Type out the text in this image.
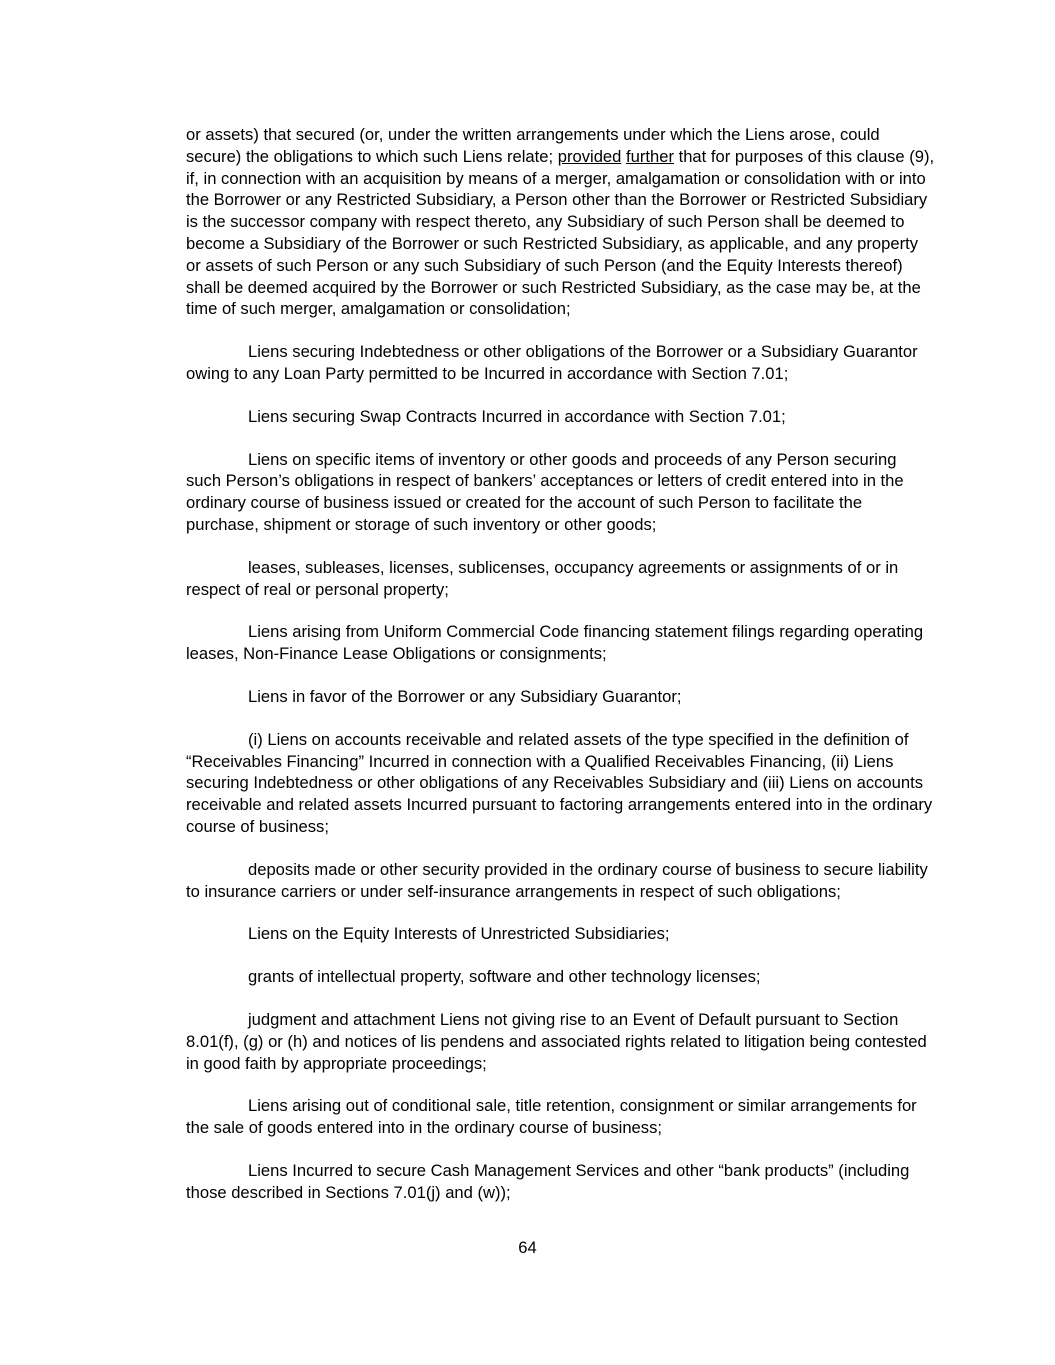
or assets) that secured (or, under the written arrangements under which the Liens arose, could secure) the obligations to which such Liens relate; provided further that for purposes of this clause (9), if, in connection with an acquisition by means of a merger, amalgamation or consolidation with or into the Borrower or any Restricted Subsidiary, a Person other than the Borrower or Restricted Subsidiary is the successor company with respect thereto, any Subsidiary of such Person shall be deemed to become a Subsidiary of the Borrower or such Restricted Subsidiary, as applicable, and any property or assets of such Person or any such Subsidiary of such Person (and the Equity Interests thereof) shall be deemed acquired by the Borrower or such Restricted Subsidiary, as the case may be, at the time of such merger, amalgamation or consolidation;

Liens securing Indebtedness or other obligations of the Borrower or a Subsidiary Guarantor owing to any Loan Party permitted to be Incurred in accordance with Section 7.01;

Liens securing Swap Contracts Incurred in accordance with Section 7.01;

Liens on specific items of inventory or other goods and proceeds of any Person securing such Person’s obligations in respect of bankers’ acceptances or letters of credit entered into in the ordinary course of business issued or created for the account of such Person to facilitate the purchase, shipment or storage of such inventory or other goods;

leases, subleases, licenses, sublicenses, occupancy agreements or assignments of or in respect of real or personal property;

Liens arising from Uniform Commercial Code financing statement filings regarding operating leases, Non-Finance Lease Obligations or consignments;

Liens in favor of the Borrower or any Subsidiary Guarantor;

(i) Liens on accounts receivable and related assets of the type specified in the definition of “Receivables Financing” Incurred in connection with a Qualified Receivables Financing, (ii) Liens securing Indebtedness or other obligations of any Receivables Subsidiary and (iii) Liens on accounts receivable and related assets Incurred pursuant to factoring arrangements entered into in the ordinary course of business;

deposits made or other security provided in the ordinary course of business to secure liability to insurance carriers or under self-insurance arrangements in respect of such obligations;

Liens on the Equity Interests of Unrestricted Subsidiaries;

grants of intellectual property, software and other technology licenses;

judgment and attachment Liens not giving rise to an Event of Default pursuant to Section 8.01(f), (g) or (h) and notices of lis pendens and associated rights related to litigation being contested in good faith by appropriate proceedings;

Liens arising out of conditional sale, title retention, consignment or similar arrangements for the sale of goods entered into in the ordinary course of business;

Liens Incurred to secure Cash Management Services and other “bank products” (including those described in Sections 7.01(j) and (w));

64
